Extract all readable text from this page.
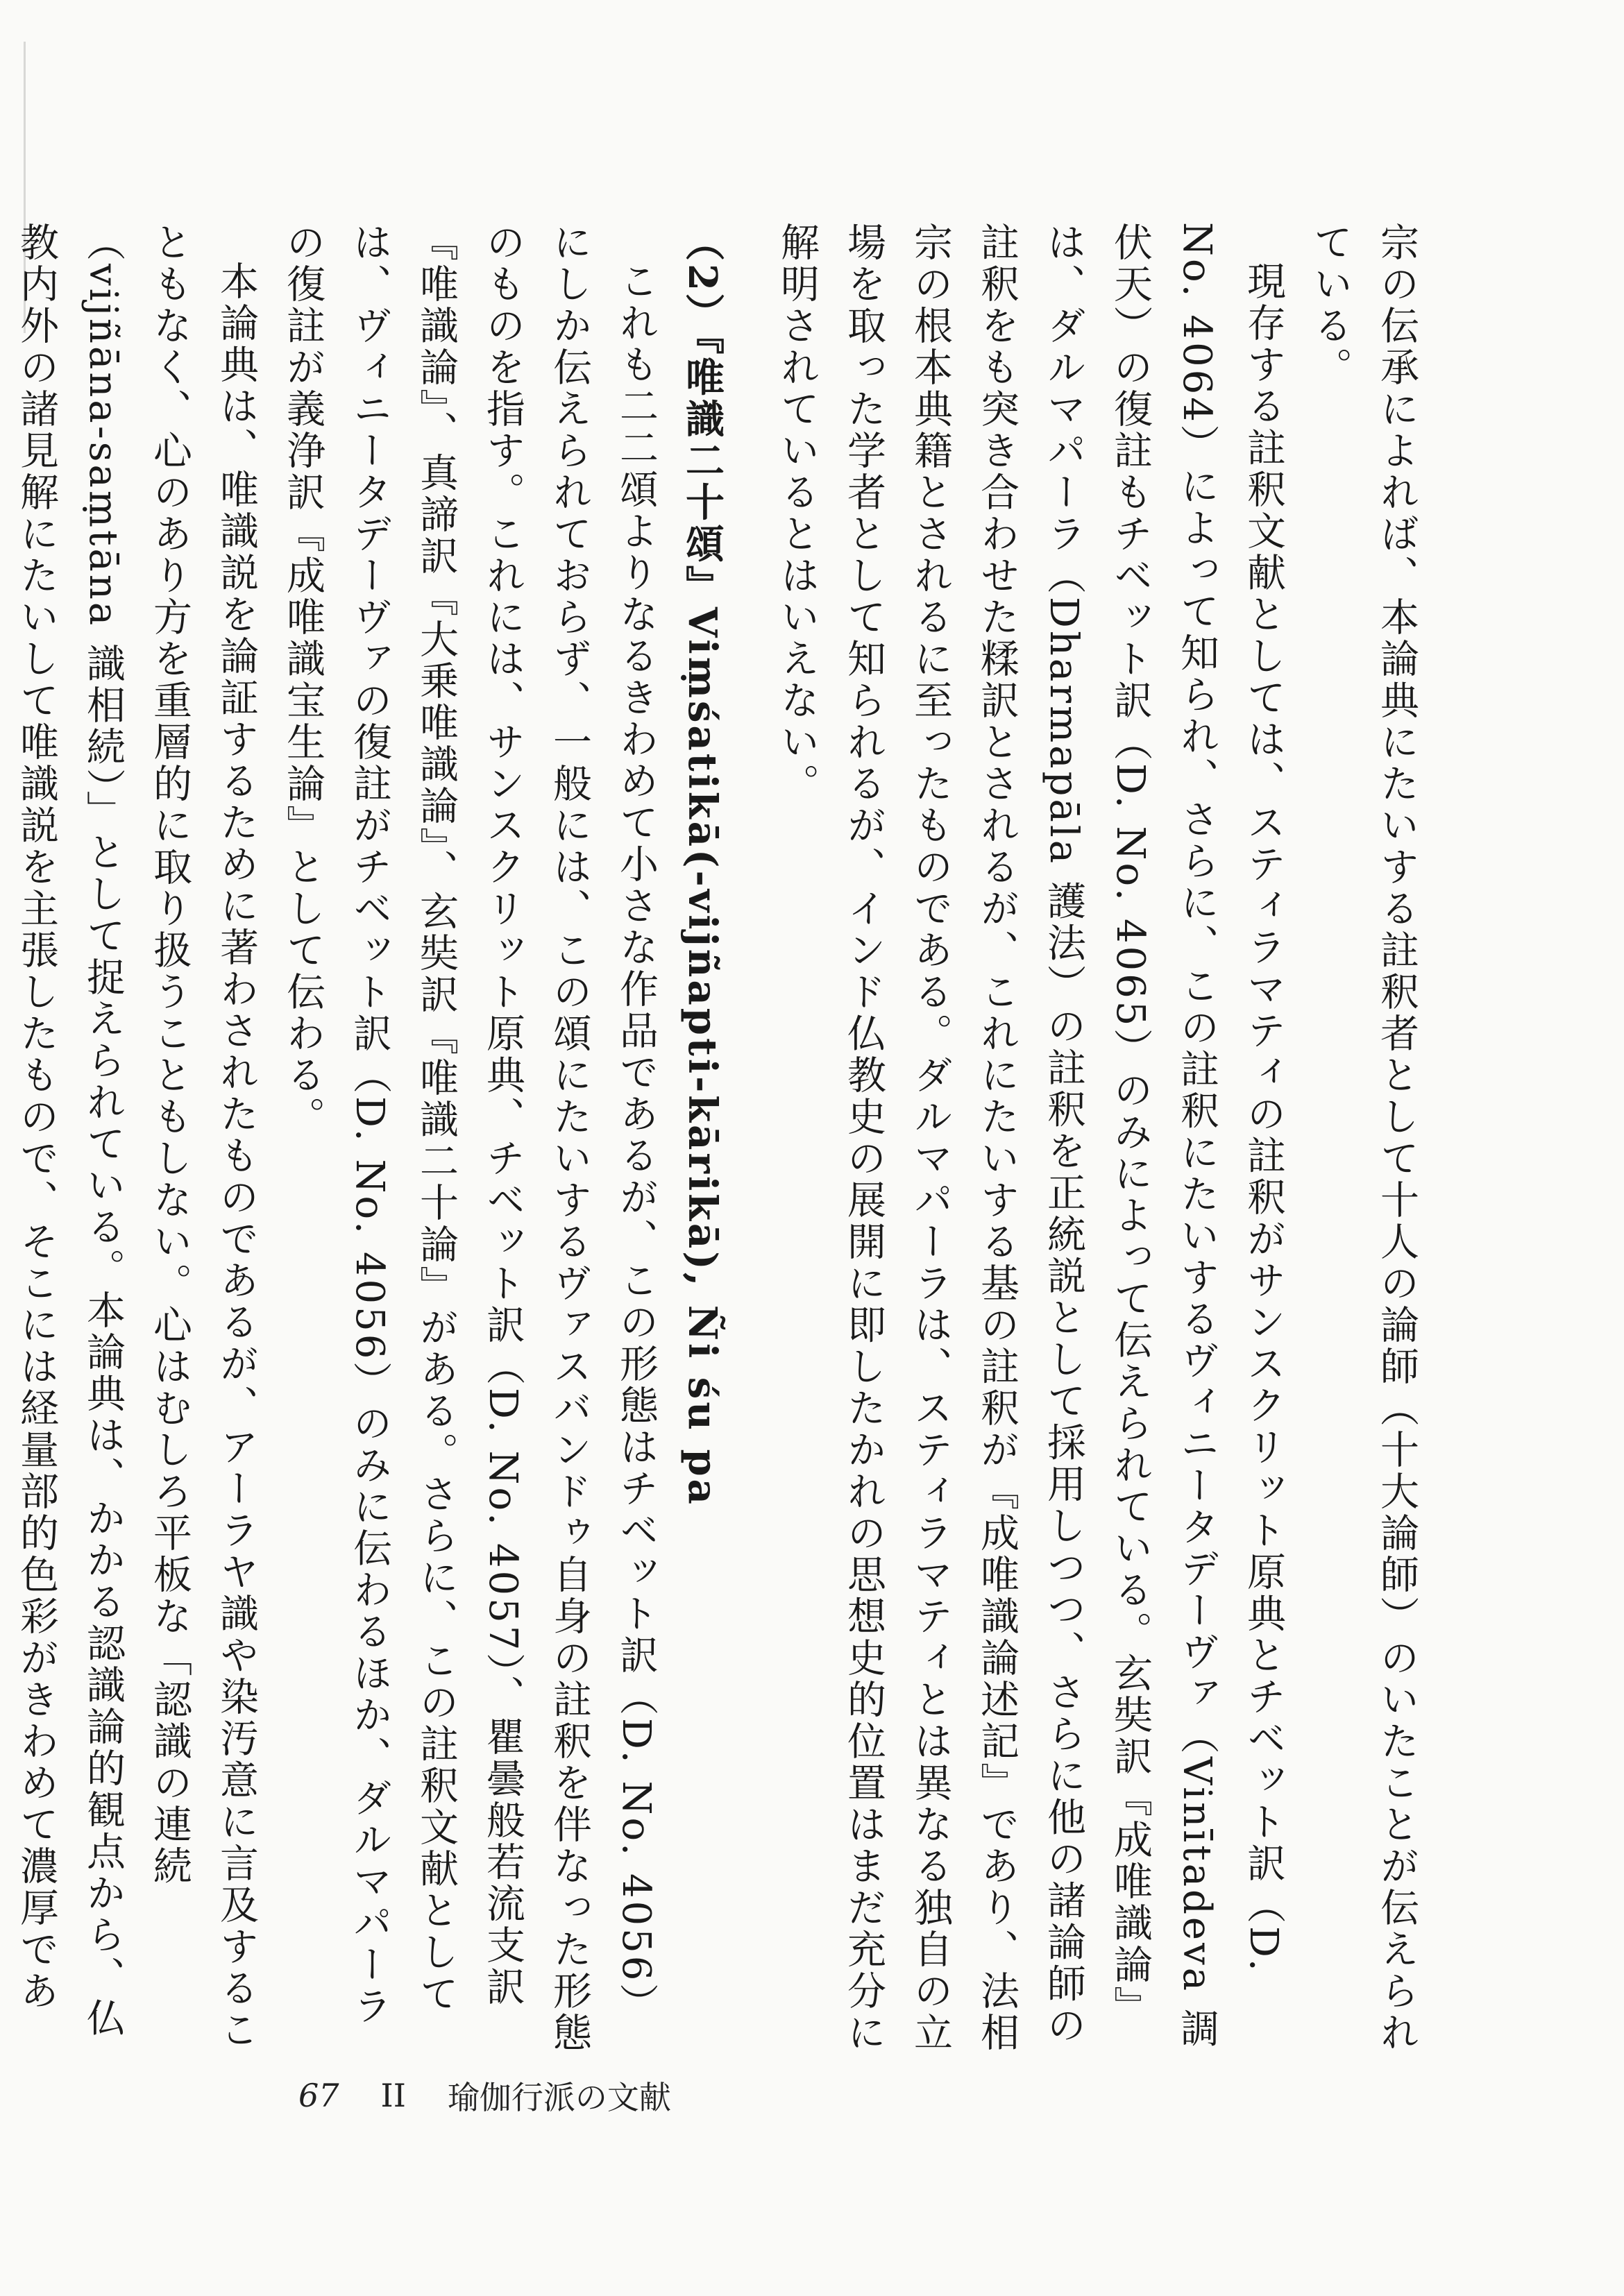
宗の伝承によれば、本論典にたいする註釈者として十人の論師（十大論師）のいたことが伝えられている。

現存する註釈文献としては、スティラマティの註釈がサンスクリット原典とチベット訳（D. No. 4064）によって知られ、さらに、この註釈にたいするヴィニータデーヴァ（Vinītadeva 調伏天）の復註もチベット訳（D. No. 4065）のみによって伝えられている。玄奘訳『成唯識論』は、ダルマパーラ（Dharmapāla 護法）の註釈を正統説として採用しつつ、さらに他の諸論師の註釈をも突き合わせた糅訳とされるが、これにたいする基の註釈が『成唯識論述記』であり、法相宗の根本典籍とされるに至ったものである。ダルマパーラは、スティラマティとは異なる独自の立場を取った学者として知られるが、インド仏教史の展開に即したかれの思想史的位置はまだ充分に解明されているとはいえない。

（2）『唯識二十頌』Viṃśatikā(-vijñapti-kārikā), Ñi śu pa

これも二二頌よりなるきわめて小さな作品であるが、この形態はチベット訳（D. No. 4056）にしか伝えられておらず、一般には、この頌にたいするヴァスバンドゥ自身の註釈を伴なった形態のものを指す。これには、サンスクリット原典、チベット訳（D. No. 4057）、瞿曇般若流支訳『唯識論』、真諦訳『大乗唯識論』、玄奘訳『唯識二十論』がある。さらに、この註釈文献としては、ヴィニータデーヴァの復註がチベット訳（D. No. 4056）のみに伝わるほか、ダルマパーラの復註が義浄訳『成唯識宝生論』として伝わる。

本論典は、唯識説を論証するために著わされたものであるが、アーラヤ識や染汚意に言及することもなく、心のあり方を重層的に取り扱うこともしない。心はむしろ平板な「認識の連続（vijñāna-saṃtāna 識相続）」として捉えられている。本論典は、かかる認識論的観点から、仏教内外の諸見解にたいして唯識説を主張したもので、そこには経量部的色彩がきわめて濃厚であ

67 II 瑜伽行派の文献
